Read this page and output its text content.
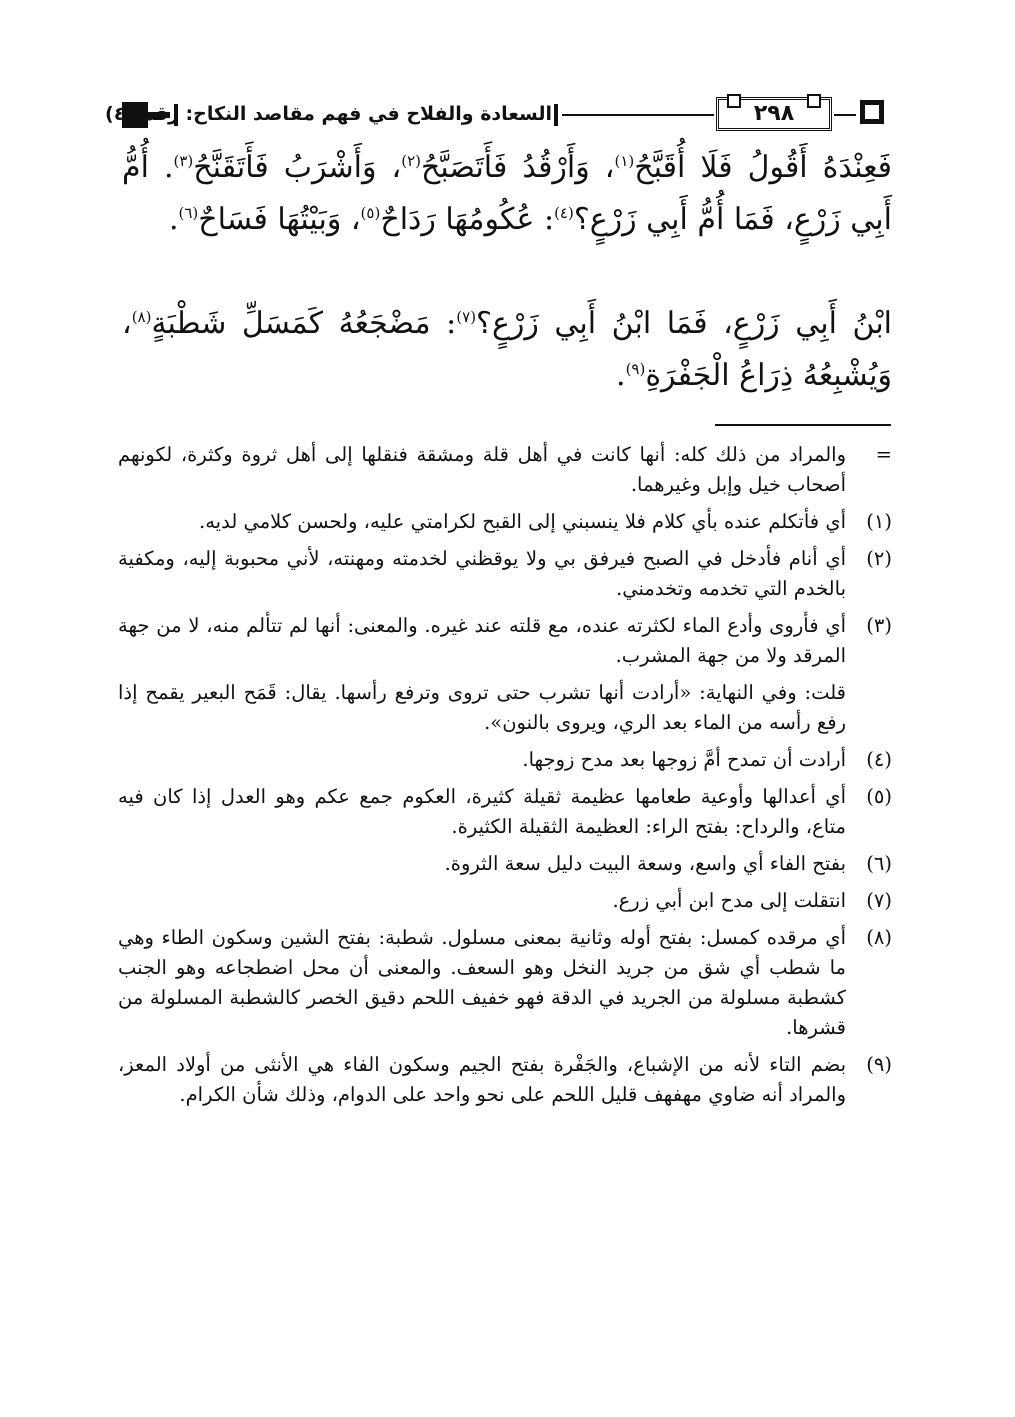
السعادة والفلاح في فهم مقاصد النكاح: رقم (٤)	٢٩٨

فَعِنْدَهُ أَقُولُ فَلَا أُقَبَّحُ$^{(١)}$، وَأَرْقُدُ فَأَتَصَبَّحُ$^{(٢)}$، وَأَشْرَبُ فَأَتَقَنَّحُ$^{(٣)}$. أُمُّ أَبِي زَرْعٍ، فَمَا أُمُّ أَبِي زَرْعٍ؟$^{(٤)}$: عُكُومُهَا رَدَاحٌ$^{(٥)}$، وَبَيْتُهَا فَسَاحٌ$^{(٦)}$.

ابْنُ أَبِي زَرْعٍ، فَمَا ابْنُ أَبِي زَرْعٍ؟$^{(٧)}$: مَضْجَعُهُ كَمَسَلِّ شَطْبَةٍ$^{(٨)}$، وَيُشْبِعُهُ ذِرَاعُ الْجَفْرَةِ$^{(٩)}$.

=
والمراد من ذلك كله: أنها كانت في أهل قلة ومشقة فنقلها إلى أهل ثروة وكثرة، لكونهم أصحاب خيل وإبل وغيرهما.
(١)
أي فأتكلم عنده بأي كلام فلا ينسبني إلى القبح لكرامتي عليه، ولحسن كلامي لديه.
(٢)
أي أنام فأدخل في الصبح فيرفق بي ولا يوقظني لخدمته ومهنته، لأني محبوبة إليه، ومكفية بالخدم التي تخدمه وتخدمني.
(٣)
أي فأروى وأدع الماء لكثرته عنده، مع قلته عند غيره. والمعنى: أنها لم تتألم منه، لا من جهة المرقد ولا من جهة المشرب.
قلت: وفي النهاية: «أرادت أنها تشرب حتى تروى وترفع رأسها. يقال: قَمَح البعير يقمح إذا رفع رأسه من الماء بعد الري، ويروى بالنون».
(٤)
أرادت أن تمدح أمَّ زوجها بعد مدح زوجها.
(٥)
أي أعدالها وأوعية طعامها عظيمة ثقيلة كثيرة، العكوم جمع عكم وهو العدل إذا كان فيه متاع، والرداح: بفتح الراء: العظيمة الثقيلة الكثيرة.
(٦)
بفتح الفاء أي واسع، وسعة البيت دليل سعة الثروة.
(٧)
انتقلت إلى مدح ابن أبي زرع.
(٨)
أي مرقده كمسل: بفتح أوله وثانية بمعنى مسلول. شطبة: بفتح الشين وسكون الطاء وهي ما شطب أي شق من جريد النخل وهو السعف. والمعنى أن محل اضطجاعه وهو الجنب كشطبة مسلولة من الجريد في الدقة فهو خفيف اللحم دقيق الخصر كالشطبة المسلولة من قشرها.
(٩)
بضم التاء لأنه من الإشباع، والجَفْرة بفتح الجيم وسكون الفاء هي الأنثى من أولاد المعز، والمراد أنه ضاوي مهفهف قليل اللحم على نحو واحد على الدوام، وذلك شأن الكرام.
